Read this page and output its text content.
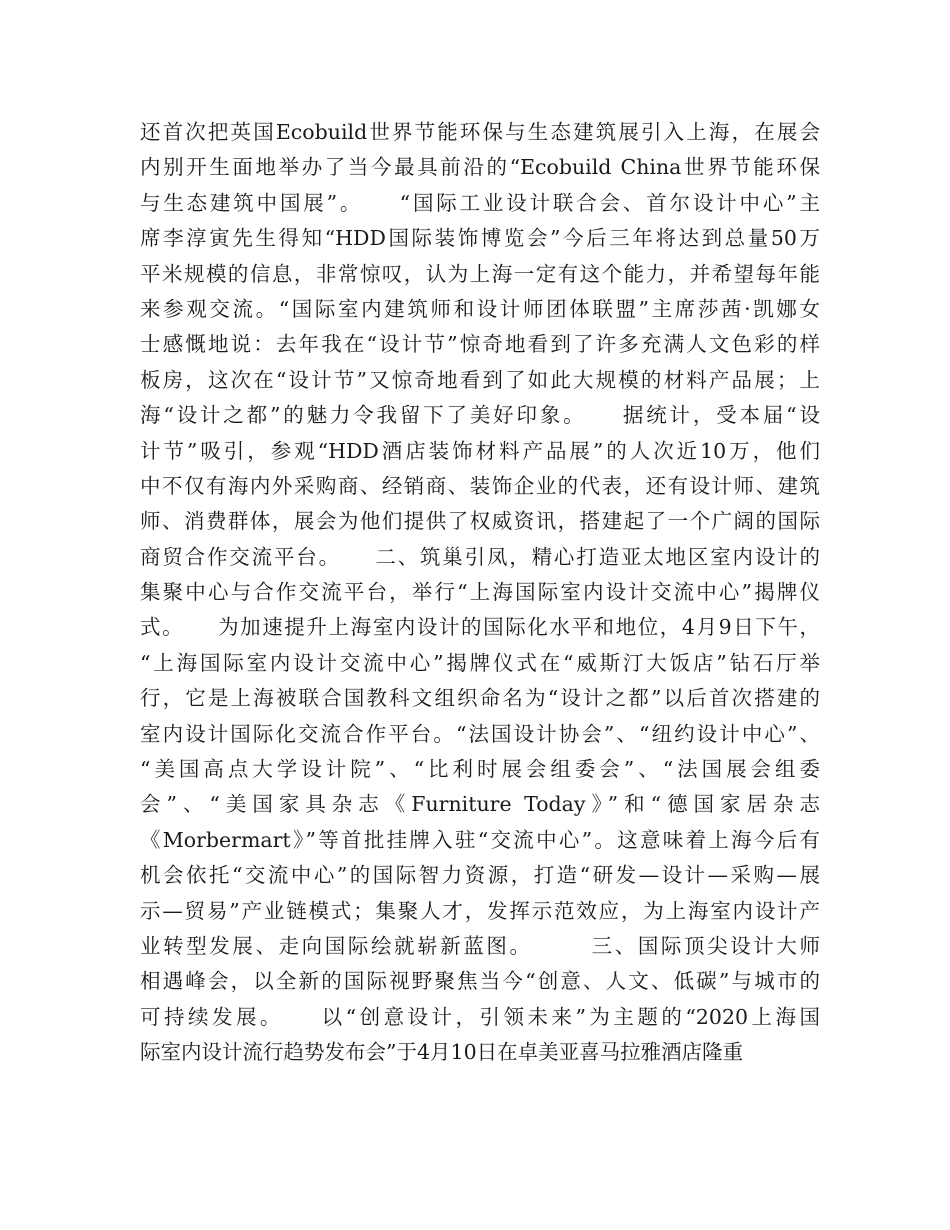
还首次把英国Ecobuild世界节能环保与生态建筑展引入上海，在展会
内别开生面地举办了当今最具前沿的“Ecobuild China世界节能环保
与生态建筑中国展”。　　“国际工业设计联合会、首尔设计中心”主
席李淳寅先生得知“HDD国际装饰博览会”今后三年将达到总量50万
平米规模的信息，非常惊叹，认为上海一定有这个能力，并希望每年能
来参观交流。“国际室内建筑师和设计师团体联盟”主席莎茜·凯娜女
士感慨地说：去年我在“设计节”惊奇地看到了许多充满人文色彩的样
板房，这次在“设计节”又惊奇地看到了如此大规模的材料产品展；上
海“设计之都”的魅力令我留下了美好印象。　　据统计，受本届“设
计节”吸引，参观“HDD酒店装饰材料产品展”的人次近10万，他们
中不仅有海内外采购商、经销商、装饰企业的代表，还有设计师、建筑
师、消费群体，展会为他们提供了权威资讯，搭建起了一个广阔的国际
商贸合作交流平台。　　二、筑巢引凤，精心打造亚太地区室内设计的
集聚中心与合作交流平台，举行“上海国际室内设计交流中心”揭牌仪
式。　　为加速提升上海室内设计的国际化水平和地位，4月9日下午，
“上海国际室内设计交流中心”揭牌仪式在“威斯汀大饭店”钻石厅举
行，它是上海被联合国教科文组织命名为“设计之都”以后首次搭建的
室内设计国际化交流合作平台。“法国设计协会”、“纽约设计中心”、
“美国高点大学设计院”、“比利时展会组委会”、“法国展会组委
会”、“美国家具杂志《Furniture Today》”和“德国家居杂志
《Morbermart》”等首批挂牌入驻“交流中心”。这意味着上海今后有
机会依托“交流中心”的国际智力资源，打造“研发—设计—采购—展
示—贸易”产业链模式；集聚人才，发挥示范效应，为上海室内设计产
业转型发展、走向国际绘就崭新蓝图。　　　三、国际顶尖设计大师
相遇峰会，以全新的国际视野聚焦当今“创意、人文、低碳”与城市的
可持续发展。　　以“创意设计，引领未来”为主题的“2020上海国
际室内设计流行趋势发布会”于4月10日在卓美亚喜马拉雅酒店隆重
